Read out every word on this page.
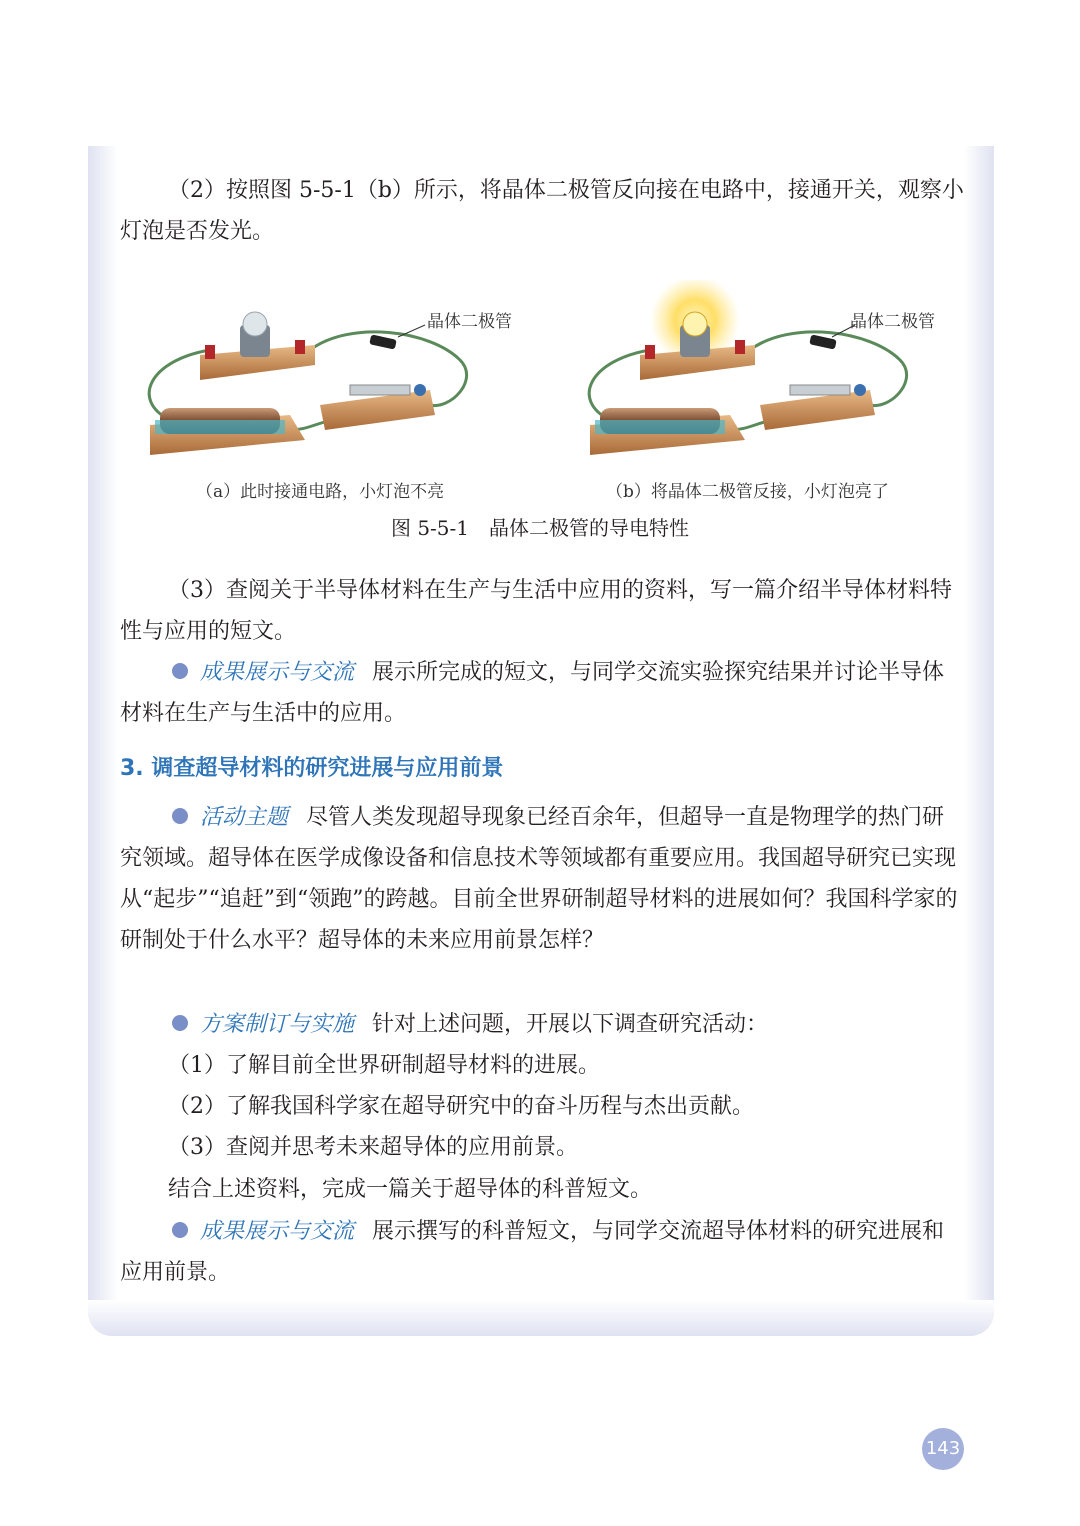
（2）按照图 5-5-1（b）所示，将晶体二极管反向接在电路中，接通开关，观察小灯泡是否发光。

晶体二极管	晶体二极管
（a）此时接通电路，小灯泡不亮	（b）将晶体二极管反接，小灯泡亮了
图 5-5-1　晶体二极管的导电特性

（3）查阅关于半导体材料在生产与生活中应用的资料，写一篇介绍半导体材料特性与应用的短文。

成果展示与交流 展示所完成的短文，与同学交流实验探究结果并讨论半导体材料在生产与生活中的应用。

3. 调查超导材料的研究进展与应用前景

活动主题 尽管人类发现超导现象已经百余年，但超导一直是物理学的热门研究领域。超导体在医学成像设备和信息技术等领域都有重要应用。我国超导研究已实现从“起步”“追赶”到“领跑”的跨越。目前全世界研制超导材料的进展如何？我国科学家的研制处于什么水平？超导体的未来应用前景怎样？

方案制订与实施 针对上述问题，开展以下调查研究活动：

（1）了解目前全世界研制超导材料的进展。

（2）了解我国科学家在超导研究中的奋斗历程与杰出贡献。

（3）查阅并思考未来超导体的应用前景。

结合上述资料，完成一篇关于超导体的科普短文。

成果展示与交流 展示撰写的科普短文，与同学交流超导体材料的研究进展和应用前景。

143
